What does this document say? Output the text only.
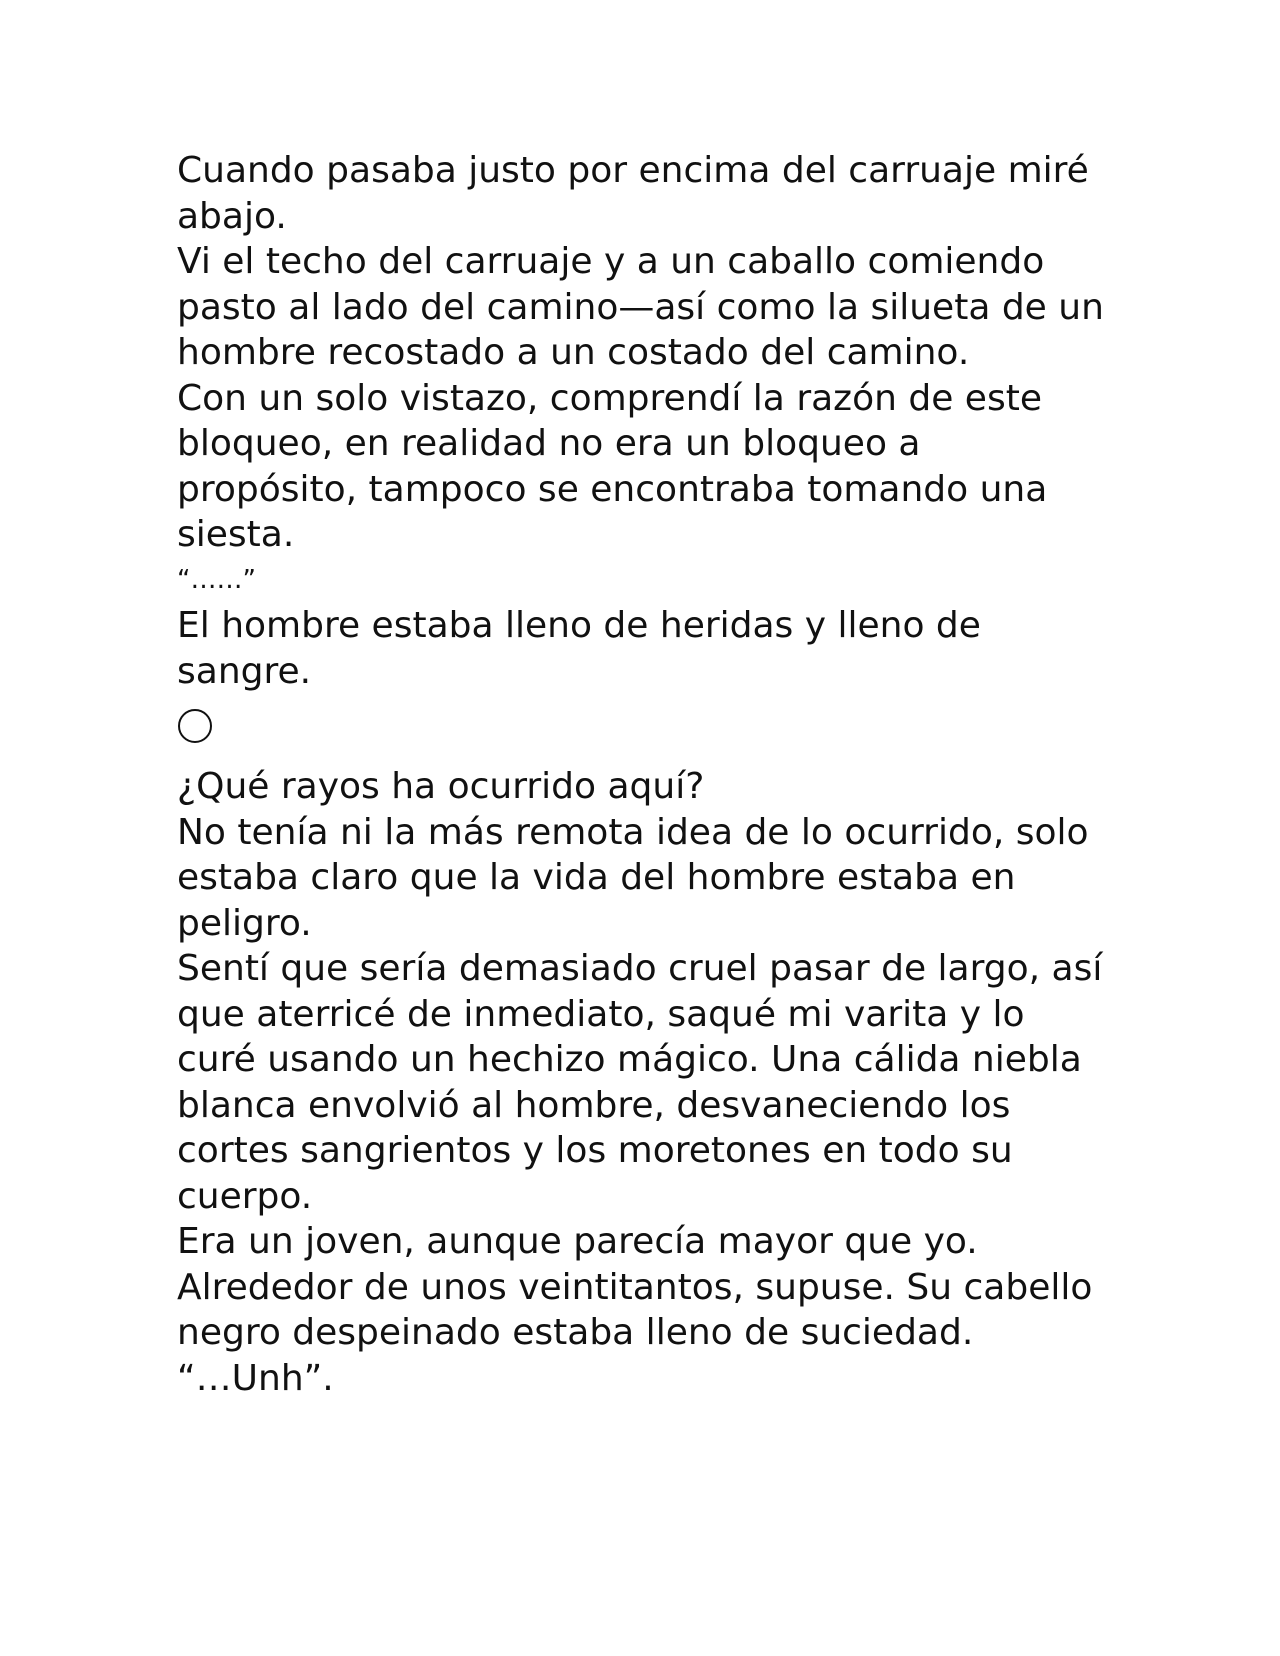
Cuando pasaba justo por encima del carruaje miré abajo.

Vi el techo del carruaje y a un caballo comiendo pasto al lado del camino—así como la silueta de un hombre recostado a un costado del camino.

Con un solo vistazo, comprendí la razón de este bloqueo, en realidad no era un bloqueo a propósito, tampoco se encontraba tomando una siesta.

“……”

El hombre estaba lleno de heridas y lleno de sangre.

¿Qué rayos ha ocurrido aquí?

No tenía ni la más remota idea de lo ocurrido, solo estaba claro que la vida del hombre estaba en peligro.

Sentí que sería demasiado cruel pasar de largo, así que aterricé de inmediato, saqué mi varita y lo curé usando un hechizo mágico. Una cálida niebla blanca envolvió al hombre, desvaneciendo los cortes sangrientos y los moretones en todo su cuerpo.

Era un joven, aunque parecía mayor que yo.

Alrededor de unos veintitantos, supuse. Su cabello negro despeinado estaba lleno de suciedad.

“…Unh”.
